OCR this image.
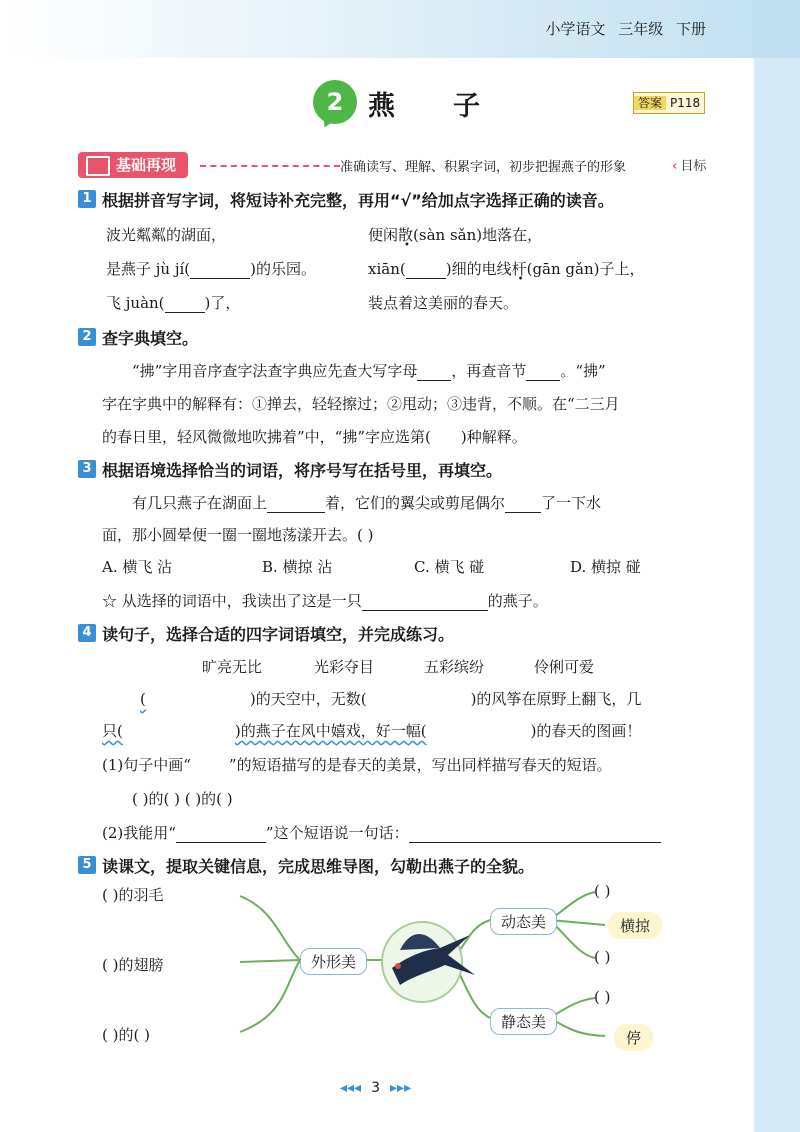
小学语文 三年级 下册
2 燕子	答案 P118
基础再现	准确读写、理解、积累字词，初步把握燕子的形象
‹	目标
1 根据拼音写字词，将短诗补充完整，再用“√”给加点字选择正确的读音。
波光粼粼的湖面，
是燕子 jù jí(	)的乐园。
飞 juàn(	)了，
便闲散(sàn sǎn)地落在，
xiān(	)细的电线杆(gān gǎn)子上，
装点着这美丽的春天。
2 查字典填空。
“拂”字用音序查字法查字典应先查大写字母 ，再查音节 。“拂”
字在字典中的解释有：①掸去，轻轻擦过；②甩动；③违背，不顺。在“二三月
的春日里，轻风微微地吹拂着”中，“拂”字应选第( )种解释。
3 根据语境选择恰当的词语，将序号写在括号里，再填空。
有几只燕子在湖面上	着，它们的翼尖或剪尾偶尔 了一下水
面，那小圆晕便一圈一圈地荡漾开去。( )
A. 横飞 沾	B. 横掠 沾	C. 横飞 碰	D. 横掠 碰
☆ 从选择的词语中，我读出了这是一只	的燕子。
4 读句子，选择合适的四字词语填空，并完成练习。
旷亮无比	光彩夺目	五彩缤纷	伶俐可爱
(	)的天空中，无数(	)的风筝在原野上翻飞，几
只(	)的燕子在风中嬉戏，好一幅(	)的春天的图画！
(1)句子中画“	”的短语描写的是春天的美景，写出同样描写春天的短语。
( )的( ) ( )的( )
(2)我能用“	”这个短语说一句话：
5 读课文，提取关键信息，完成思维导图，勾勒出燕子的全貌。
( )的羽毛
( )的翅膀
( )的( )
外形美
动态美
静态美
( )
横掠
( )
( )
停
◂◂◂ 3 ▸▸▸
